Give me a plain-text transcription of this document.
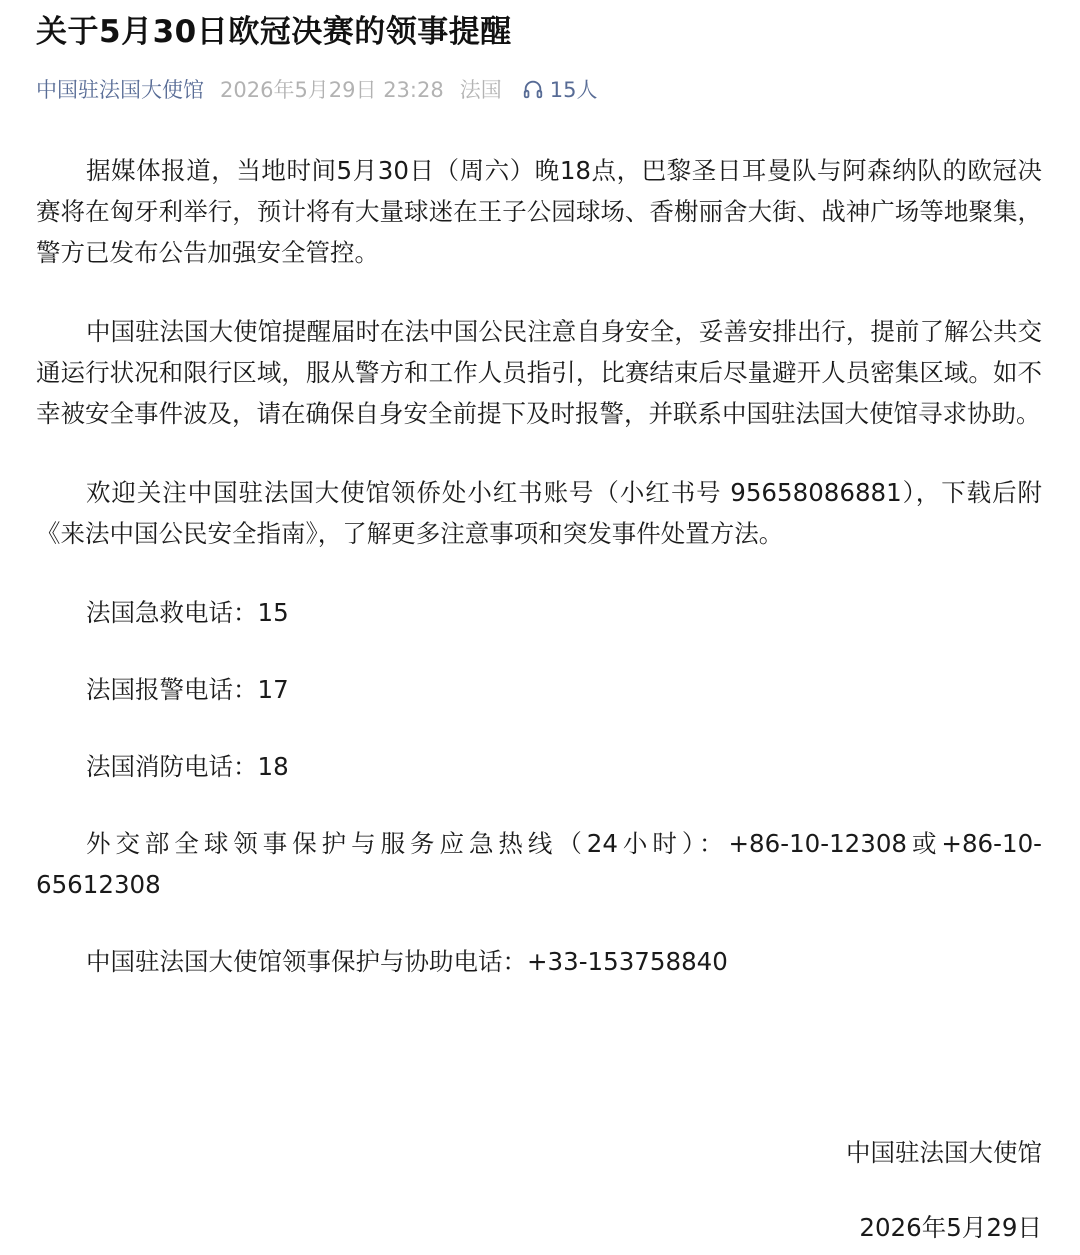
关于5月30日欧冠决赛的领事提醒
中国驻法国大使馆 2026年5月29日 23:28 法国 15人

据媒体报道，当地时间5月30日（周六）晚18点，巴黎圣日耳曼队与阿森纳队的欧冠决赛将在匈牙利举行，预计将有大量球迷在王子公园球场、香榭丽舍大街、战神广场等地聚集，警方已发布公告加强安全管控。

中国驻法国大使馆提醒届时在法中国公民注意自身安全，妥善安排出行，提前了解公共交通运行状况和限行区域，服从警方和工作人员指引，比赛结束后尽量避开人员密集区域。如不幸被安全事件波及，请在确保自身安全前提下及时报警，并联系中国驻法国大使馆寻求协助。

欢迎关注中国驻法国大使馆领侨处小红书账号（小红书号 95658086881），下载后附《来法中国公民安全指南》，了解更多注意事项和突发事件处置方法。

法国急救电话：15

法国报警电话：17

法国消防电话：18

外交部全球领事保护与服务应急热线（24小时）：+86-10-12308或+86-10-65612308

中国驻法国大使馆领事保护与协助电话：+33-153758840

中国驻法国大使馆
2026年5月29日
